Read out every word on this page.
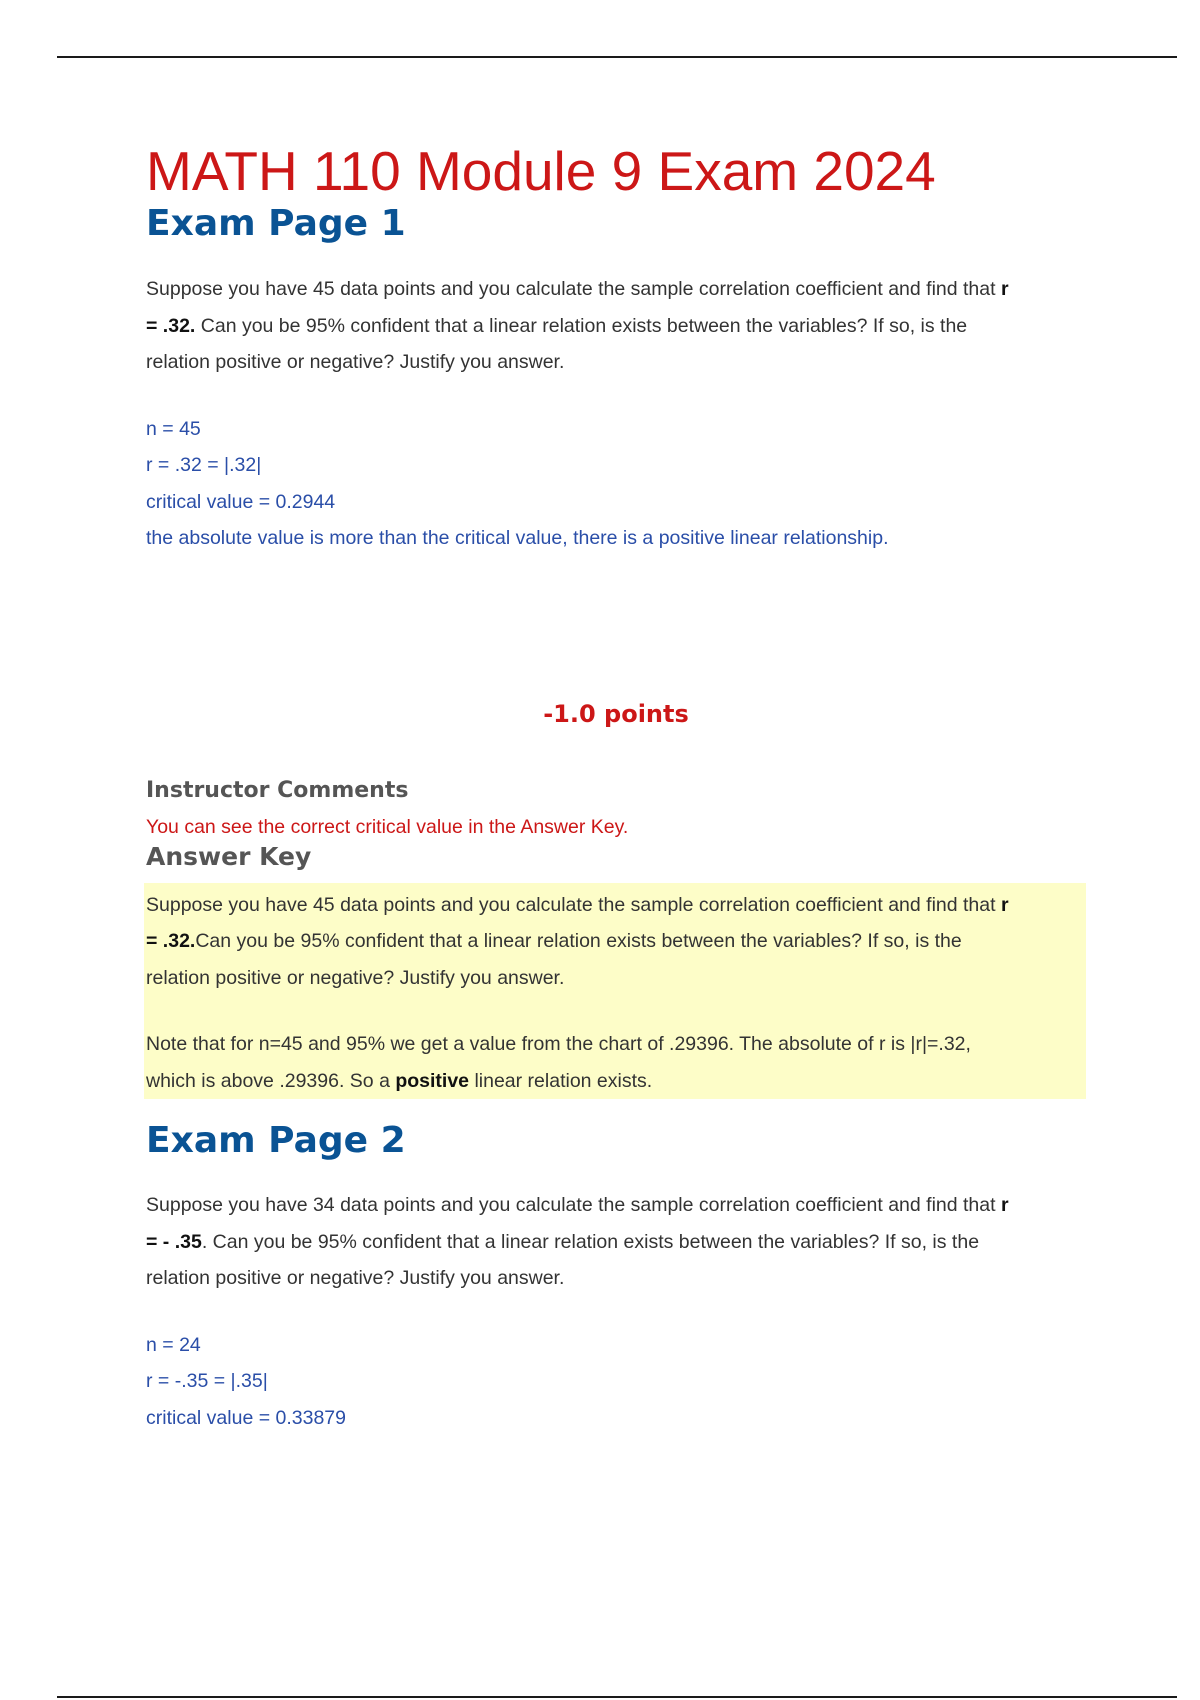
MATH 110 Module 9 Exam 2024
Exam Page 1

Suppose you have 45 data points and you calculate the sample correlation coefficient and find that r
= .32. Can you be 95% confident that a linear relation exists between the variables? If so, is the
relation positive or negative? Justify you answer.

n = 45

r = .32 = |.32|

critical value = 0.2944

the absolute value is more than the critical value, there is a positive linear relationship.

-1.0 points

Instructor Comments

You can see the correct critical value in the Answer Key.

Answer Key

Suppose you have 45 data points and you calculate the sample correlation coefficient and find that r
= .32.Can you be 95% confident that a linear relation exists between the variables? If so, is the
relation positive or negative? Justify you answer.

Note that for n=45 and 95% we get a value from the chart of .29396. The absolute of r is |r|=.32,
which is above .29396. So a positive linear relation exists.

Exam Page 2

Suppose you have 34 data points and you calculate the sample correlation coefficient and find that r
= - .35. Can you be 95% confident that a linear relation exists between the variables? If so, is the
relation positive or negative? Justify you answer.

n = 24

r = -.35 = |.35|

critical value = 0.33879
